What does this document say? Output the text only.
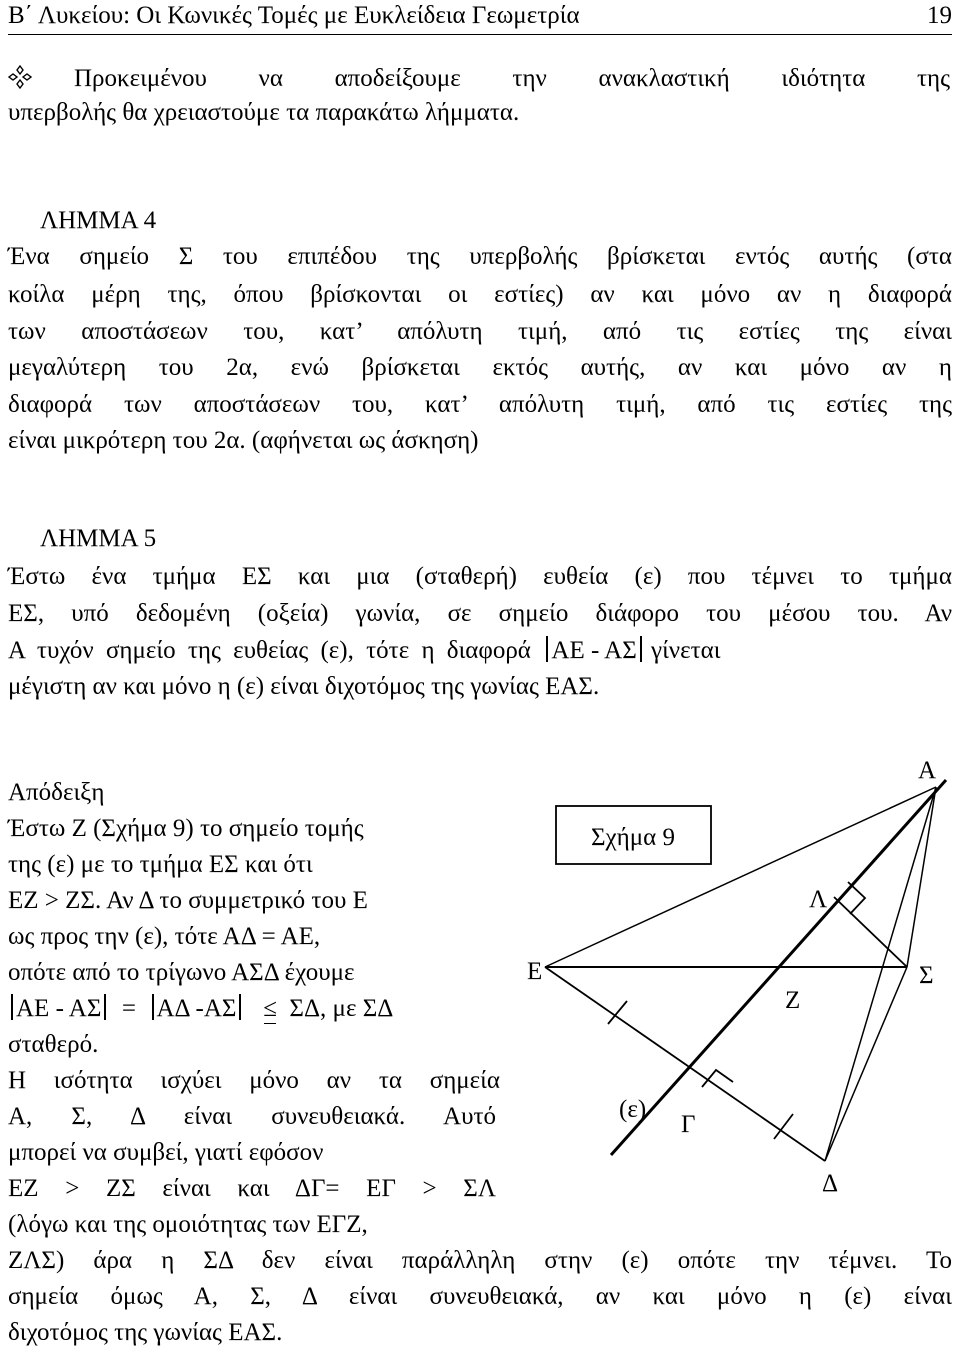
Β΄ Λυκείου: Οι Κωνικές Τομές με Ευκλείδεια Γεωμετρία	19
Προκειμένου να αποδείξουμε την ανακλαστική ιδιότητα της
υπερβολής θα χρειαστούμε τα παρακάτω λήμματα.
ΛΗΜΜΑ 4
Ένα σημείο Σ του επιπέδου της υπερβολής βρίσκεται εντός αυτής (στα
κοίλα μέρη της, όπου βρίσκονται οι εστίες) αν και μόνο αν η διαφορά
των αποστάσεων του, κατ’ απόλυτη τιμή, από τις εστίες της είναι
μεγαλύτερη του 2α, ενώ βρίσκεται εκτός αυτής, αν και μόνο αν η
διαφορά των αποστάσεων του, κατ’ απόλυτη τιμή, από τις εστίες της
είναι μικρότερη του 2α. (αφήνεται ως άσκηση)
ΛΗΜΜΑ 5
Έστω ένα τμήμα ΕΣ και μια (σταθερή) ευθεία (ε) που τέμνει το τμήμα
ΕΣ, υπό δεδομένη (οξεία) γωνία, σε σημείο διάφορο του μέσου του. Αν
Α τυχόν σημείο της ευθείας (ε), τότε η διαφορά ΑΕ - ΑΣ γίνεται
μέγιστη αν και μόνο η (ε) είναι διχοτόμος της γωνίας ΕΑΣ.
Απόδειξη
Έστω Ζ (Σχήμα 9) το σημείο τομής
της (ε) με το τμήμα ΕΣ και ότι
ΕΖ > ΖΣ. Αν Δ το συμμετρικό του Ε
ως προς την (ε), τότε ΑΔ = ΑΕ,
οπότε από το τρίγωνο ΑΣΔ έχουμε
ΑΕ - ΑΣ = ΑΔ -ΑΣ ≤ ΣΔ, με ΣΔ
σταθερό.
Η ισότητα ισχύει μόνο αν τα σημεία
Α, Σ, Δ είναι συνευθειακά. Αυτό
μπορεί να συμβεί, γιατί εφόσον
ΕΖ > ΖΣ είναι και ΔΓ= ΕΓ > ΣΛ
(λόγω και της ομοιότητας των ΕΓΖ,
ΖΛΣ) άρα η ΣΔ δεν είναι παράλληλη στην (ε) οπότε την τέμνει. Το
σημεία όμως Α, Σ, Δ είναι συνευθειακά, αν και μόνο η (ε) είναι
διχοτόμος της γωνίας ΕΑΣ.
Σχήμα 9
Α
Λ
Ε	Σ
Ζ
(ε)
Γ
Δ
